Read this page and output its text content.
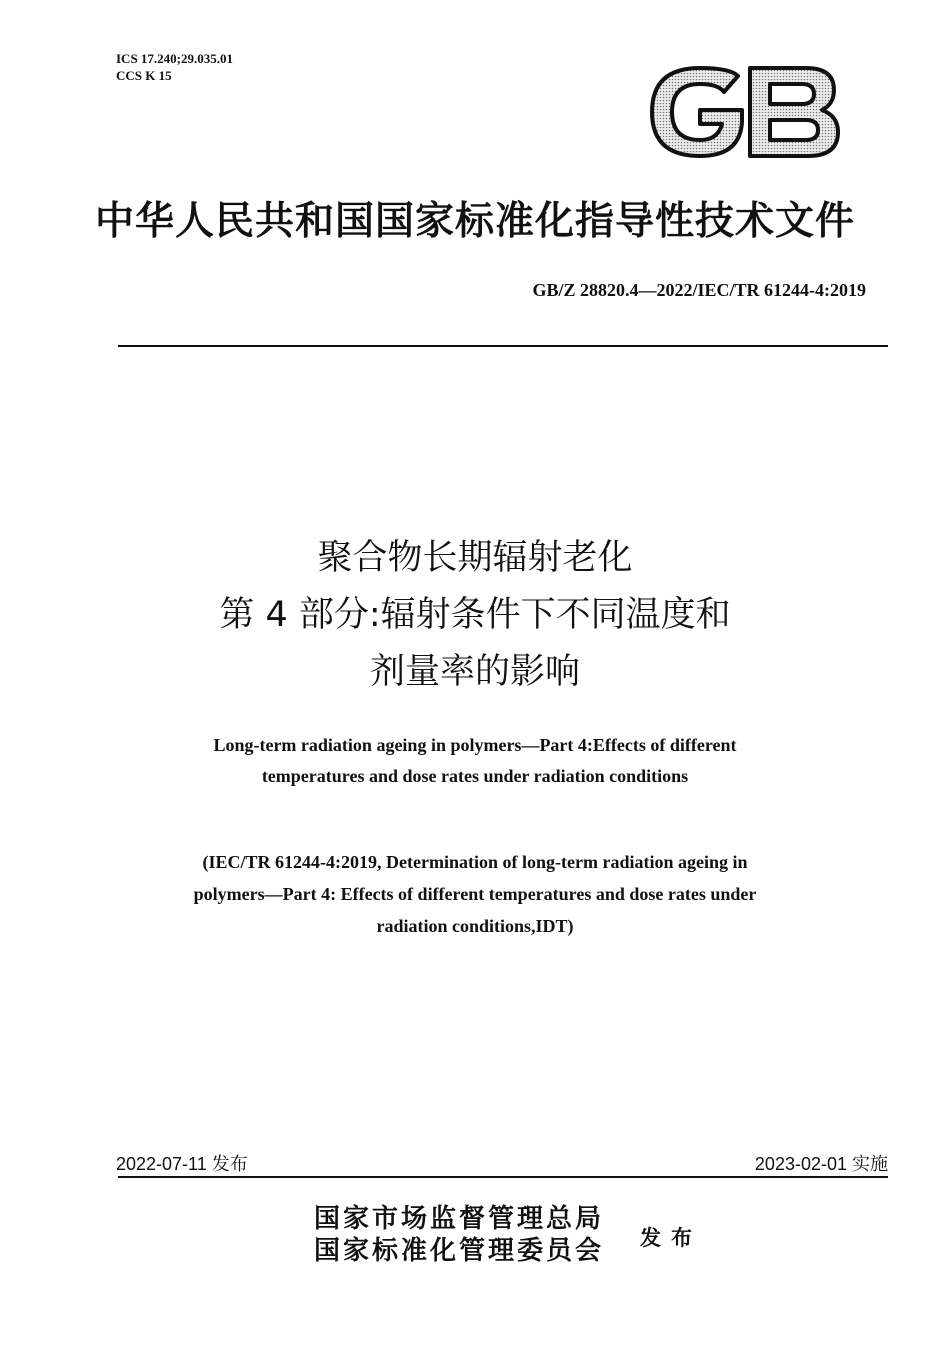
ICS 17.240;29.035.01
CCS K 15
中华人民共和国国家标准化指导性技术文件
GB/Z 28820.4—2022/IEC/TR 61244-4:2019
聚合物长期辐射老化
第 4 部分:辐射条件下不同温度和
剂量率的影响
Long-term radiation ageing in polymers—Part 4:Effects of different
temperatures and dose rates under radiation conditions
(IEC/TR 61244-4:2019, Determination of long-term radiation ageing in
polymers—Part 4: Effects of different temperatures and dose rates under
radiation conditions,IDT)
2022-07-11 发布	2023-02-01 实施
国家市场监督管理总局
国家标准化管理委员会 发布
